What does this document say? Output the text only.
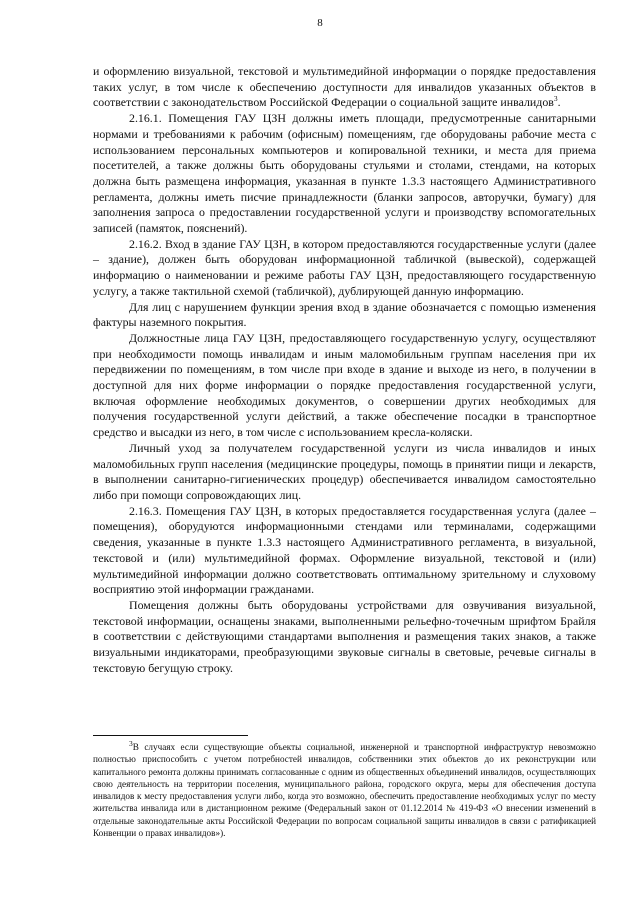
8

и оформлению визуальной, текстовой и мультимедийной информации о порядке предоставления таких услуг, в том числе к обеспечению доступности для инвалидов указанных объектов в соответствии с законодательством Российской Федерации о социальной защите инвалидов$^3$.

2.16.1. Помещения ГАУ ЦЗН должны иметь площади, предусмотренные санитарными нормами и требованиями к рабочим (офисным) помещениям, где оборудованы рабочие места с использованием персональных компьютеров и копировальной техники, и места для приема посетителей, а также должны быть оборудованы стульями и столами, стендами, на которых должна быть размещена информация, указанная в пункте 1.3.3 настоящего Административного регламента, должны иметь писчие принадлежности (бланки запросов, авторучки, бумагу) для заполнения запроса о предоставлении государственной услуги и производству вспомогательных записей (памяток, пояснений).

2.16.2. Вход в здание ГАУ ЦЗН, в котором предоставляются государственные услуги (далее – здание), должен быть оборудован информационной табличкой (вывеской), содержащей информацию о наименовании и режиме работы ГАУ ЦЗН, предоставляющего государственную услугу, а также тактильной схемой (табличкой), дублирующей данную информацию.

Для лиц с нарушением функции зрения вход в здание обозначается с помощью изменения фактуры наземного покрытия.

Должностные лица ГАУ ЦЗН, предоставляющего государственную услугу, осуществляют при необходимости помощь инвалидам и иным маломобильным группам населения при их передвижении по помещениям, в том числе при входе в здание и выходе из него, в получении в доступной для них форме информации о порядке предоставления государственной услуги, включая оформление необходимых документов, о совершении других необходимых для получения государственной услуги действий, а также обеспечение посадки в транспортное средство и высадки из него, в том числе с использованием кресла-коляски.

Личный уход за получателем государственной услуги из числа инвалидов и иных маломобильных групп населения (медицинские процедуры, помощь в принятии пищи и лекарств, в выполнении санитарно-гигиенических процедур) обеспечивается инвалидом самостоятельно либо при помощи сопровождающих лиц.

2.16.3. Помещения ГАУ ЦЗН, в которых предоставляется государственная услуга (далее – помещения), оборудуются информационными стендами или терминалами, содержащими сведения, указанные в пункте 1.3.3 настоящего Административного регламента, в визуальной, текстовой и (или) мультимедийной формах. Оформление визуальной, текстовой и (или) мультимедийной информации должно соответствовать оптимальному зрительному и слуховому восприятию этой информации гражданами.

Помещения должны быть оборудованы устройствами для озвучивания визуальной, текстовой информации, оснащены знаками, выполненными рельефно-точечным шрифтом Брайля в соответствии с действующими стандартами выполнения и размещения таких знаков, а также визуальными индикаторами, преобразующими звуковые сигналы в световые, речевые сигналы в текстовую бегущую строку.

$^3$В случаях если существующие объекты социальной, инженерной и транспортной инфраструктур невозможно полностью приспособить с учетом потребностей инвалидов, собственники этих объектов до их реконструкции или капитального ремонта должны принимать согласованные с одним из общественных объединений инвалидов, осуществляющих свою деятельность на территории поселения, муниципального района, городского округа, меры для обеспечения доступа инвалидов к месту предоставления услуги либо, когда это возможно, обеспечить предоставление необходимых услуг по месту жительства инвалида или в дистанционном режиме (Федеральный закон от 01.12.2014 № 419-ФЗ «О внесении изменений в отдельные законодательные акты Российской Федерации по вопросам социальной защиты инвалидов в связи с ратификацией Конвенции о правах инвалидов»).
